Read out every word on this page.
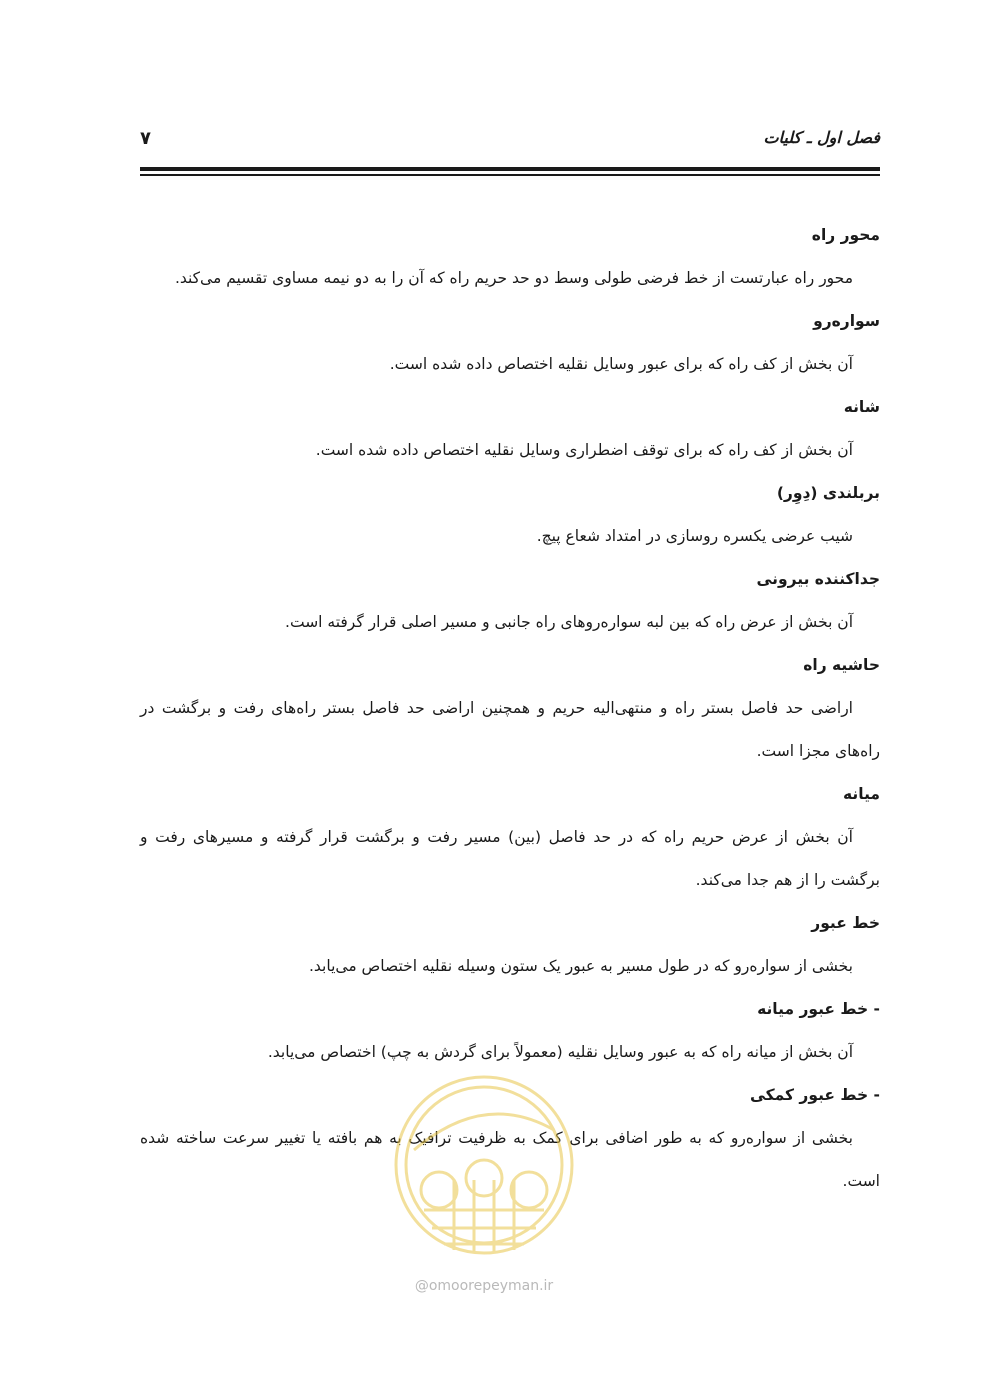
فصل اول ـ کلیات
۷

محور راه

محور راه عبارتست از خط فرضی طولی وسط دو حد حریم راه که آن را به دو نیمه مساوی تقسیم می‌کند.

سواره‌رو

آن بخش از کف راه که برای عبور وسایل نقلیه اختصاص داده شده است.

شانه

آن بخش از کف راه که برای توقف اضطراری وسایل نقلیه اختصاص داده شده است.

بربلندی (دِوِر)

شیب عرضی یکسره روسازی در امتداد شعاع پیچ.

جداکننده بیرونی

آن بخش از عرض راه که بین لبه سواره‌روهای راه جانبی و مسیر اصلی قرار گرفته است.

حاشیه راه

اراضی حد فاصل بستر راه و منتهی‌الیه حریم و همچنین اراضی حد فاصل بستر راه‌های رفت و برگشت در راه‌های مجزا است.

میانه

آن بخش از عرض حریم راه که در حد فاصل (بین) مسیر رفت و برگشت قرار گرفته و مسیرهای رفت و برگشت را از هم جدا می‌کند.

خط عبور

بخشی از سواره‌رو که در طول مسیر به عبور یک ستون وسیله نقلیه اختصاص می‌یابد.

- خط عبور میانه

آن بخش از میانه راه که به عبور وسایل نقلیه (معمولاً برای گردش به چپ) اختصاص می‌یابد.

- خط عبور کمکی

بخشی از سواره‌رو که به طور اضافی برای کمک به ظرفیت ترافیک به هم بافته یا تغییر سرعت ساخته شده است.

@omoorepeyman.ir
